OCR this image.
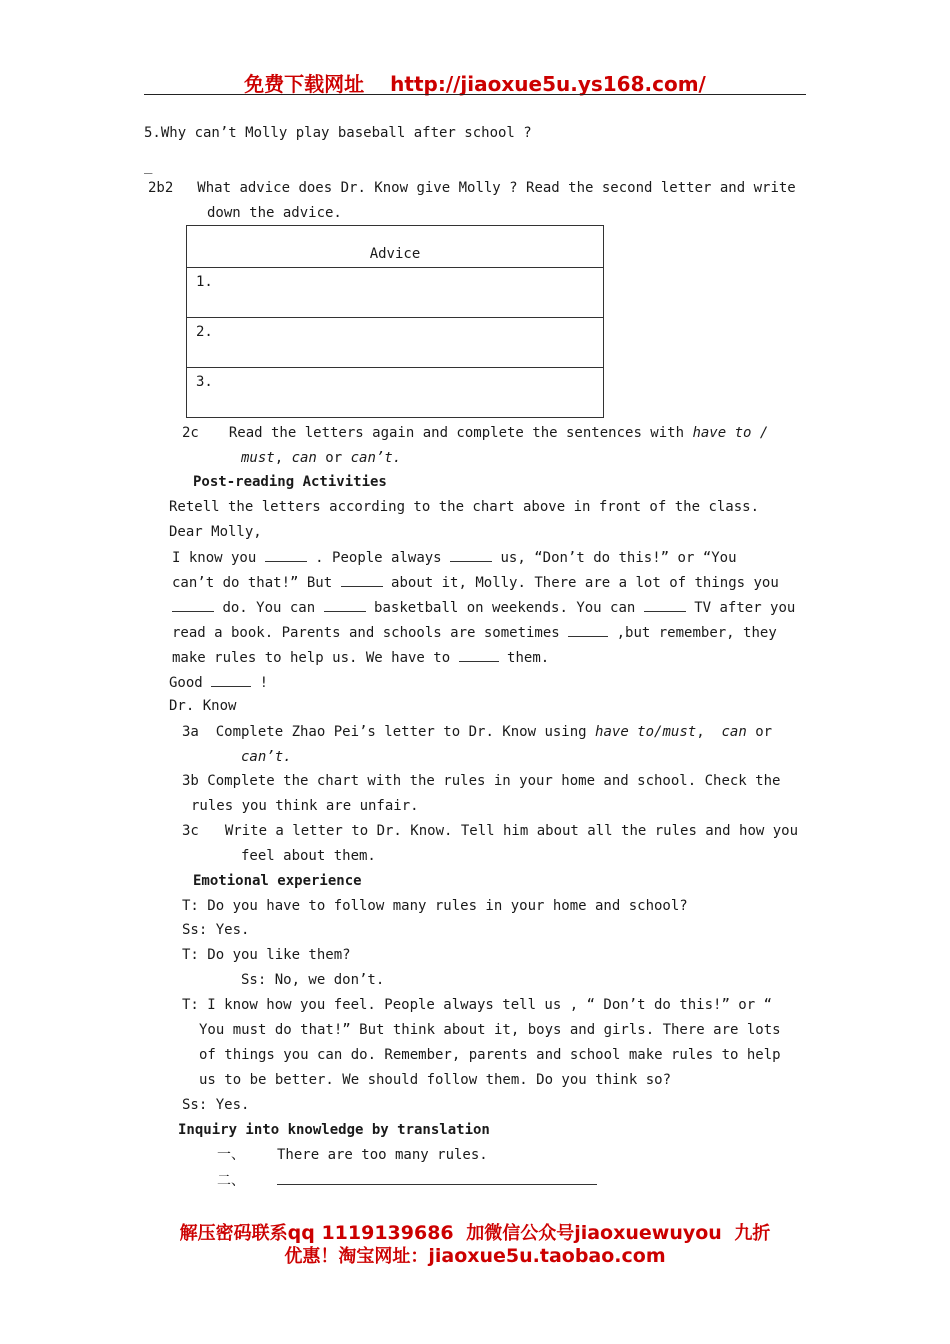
免费下载网址 http://jiaoxue5u.ys168.com/
5.Why can’t Molly play baseball after school ?
_
2b2 What advice does Dr. Know give Molly ? Read the second letter and write
down the advice.
Advice
1.
2.
3.
2c Read the letters again and complete the sentences with have to /
must, can or can’t.
Post-reading Activities
Retell the letters according to the chart above in front of the class.
Dear Molly,
I know you	. People always	us, “Don’t do this!” or “You
can’t do that!” But	about it, Molly. There are a lot of things you
do. You can	basketball on weekends. You can	TV after you
read a book. Parents and schools are sometimes	,but remember, they
make rules to help us. We have to	them.
Good	!
Dr. Know
3a Complete Zhao Pei’s letter to Dr. Know using have to/must, can or
can’t.
3b Complete the chart with the rules in your home and school. Check the
rules you think are unfair.
3c Write a letter to Dr. Know. Tell him about all the rules and how you
feel about them.
Emotional experience
T: Do you have to follow many rules in your home and school?
Ss: Yes.
T: Do you like them?
Ss: No, we don’t.
T: I know how you feel. People always tell us , “ Don’t do this!” or “
You must do that!” But think about it, boys and girls. There are lots
of things you can do. Remember, parents and school make rules to help
us to be better. We should follow them. Do you think so?
Ss: Yes.
Inquiry into knowledge by translation
一、 There are too many rules.
二、
解压密码联系qq 1119139686 加微信公众号jiaoxuewuyou 九折
优惠！淘宝网址：jiaoxue5u.taobao.com
